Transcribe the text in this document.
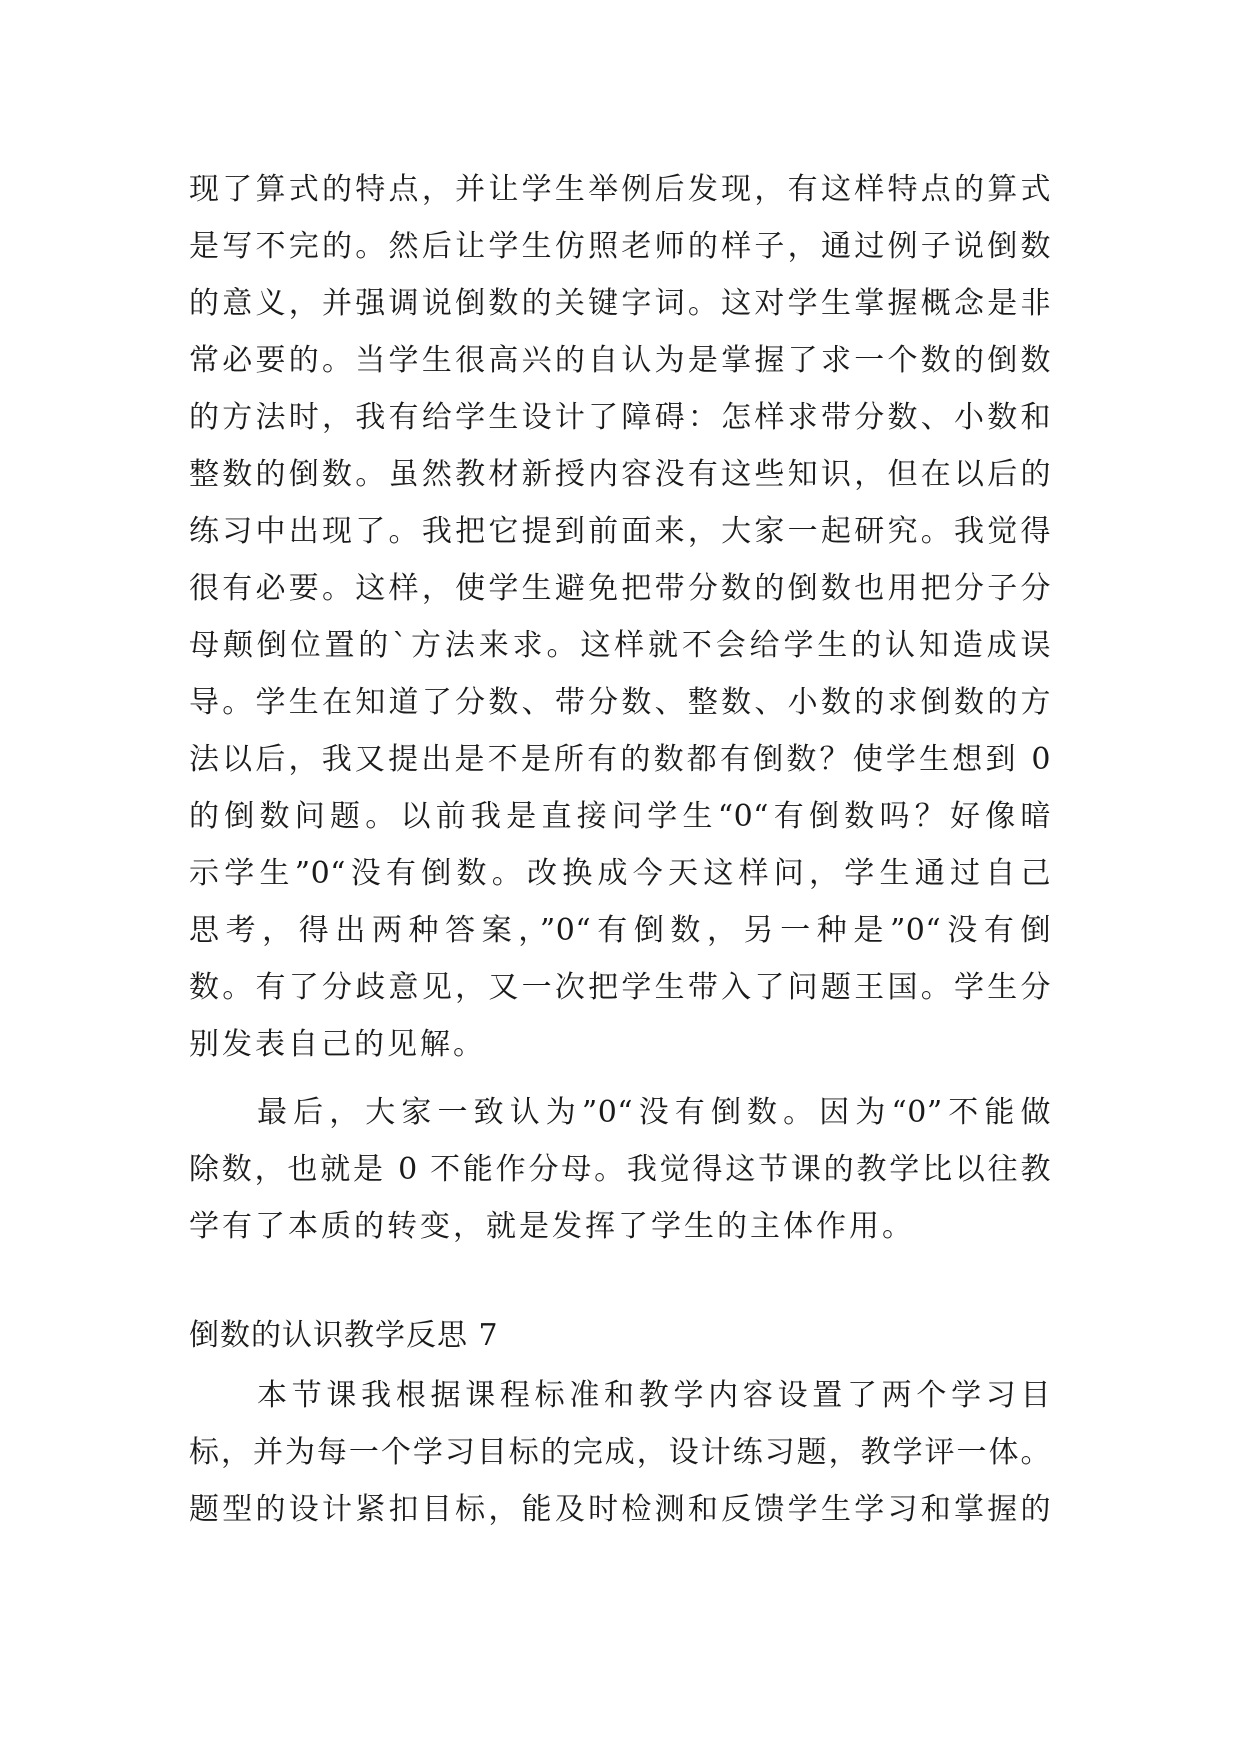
现了算式的特点，并让学生举例后发现，有这样特点的算式
是写不完的。然后让学生仿照老师的样子，通过例子说倒数
的意义，并强调说倒数的关键字词。这对学生掌握概念是非
常必要的。当学生很高兴的自认为是掌握了求一个数的倒数
的方法时，我有给学生设计了障碍：怎样求带分数、小数和
整数的倒数。虽然教材新授内容没有这些知识，但在以后的
练习中出现了。我把它提到前面来，大家一起研究。我觉得
很有必要。这样，使学生避免把带分数的倒数也用把分子分
母颠倒位置的`方法来求。这样就不会给学生的认知造成误
导。学生在知道了分数、带分数、整数、小数的求倒数的方
法以后，我又提出是不是所有的数都有倒数？使学生想到 0
的倒数问题。以前我是直接问学生“0“有倒数吗？好像暗
示学生”0“没有倒数。改换成今天这样问，学生通过自己
思考，得出两种答案，”0“有倒数，另一种是”0“没有倒
数。有了分歧意见，又一次把学生带入了问题王国。学生分
别发表自己的见解。
最后，大家一致认为”0“没有倒数。因为“0”不能做
除数，也就是 0 不能作分母。我觉得这节课的教学比以往教
学有了本质的转变，就是发挥了学生的主体作用。
倒数的认识教学反思 7
本节课我根据课程标准和教学内容设置了两个学习目
标，并为每一个学习目标的完成，设计练习题，教学评一体。
题型的设计紧扣目标，能及时检测和反馈学生学习和掌握的
